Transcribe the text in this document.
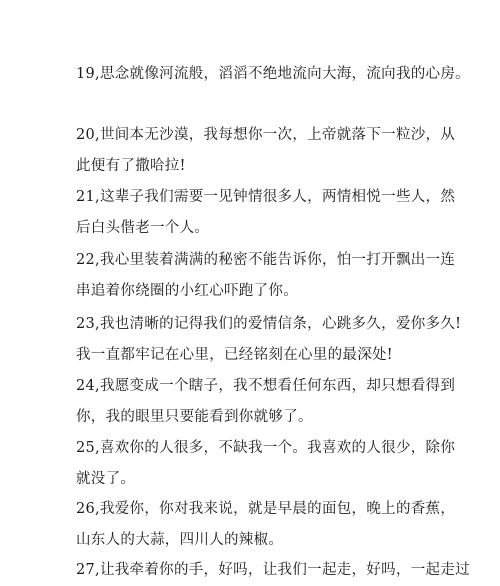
19,思念就像河流般，滔滔不绝地流向大海，流向我的心房。

20,世间本无沙漠，我每想你一次，上帝就落下一粒沙，从
此便有了撒哈拉!

21,这辈子我们需要一见钟情很多人，两情相悦一些人，然
后白头偕老一个人。

22,我心里装着满满的秘密不能告诉你，怕一打开飘出一连
串追着你绕圈的小红心吓跑了你。

23,我也清晰的记得我们的爱情信条，心跳多久，爱你多久!
我一直都牢记在心里，已经铭刻在心里的最深处!

24,我愿变成一个瞎子，我不想看任何东西，却只想看得到
你，我的眼里只要能看到你就够了。

25,喜欢你的人很多，不缺我一个。我喜欢的人很少，除你
就没了。

26,我爱你，你对我来说，就是早晨的面包，晚上的香蕉，
山东人的大蒜，四川人的辣椒。

27,让我牵着你的手，好吗，让我们一起走，好吗，一起走过
